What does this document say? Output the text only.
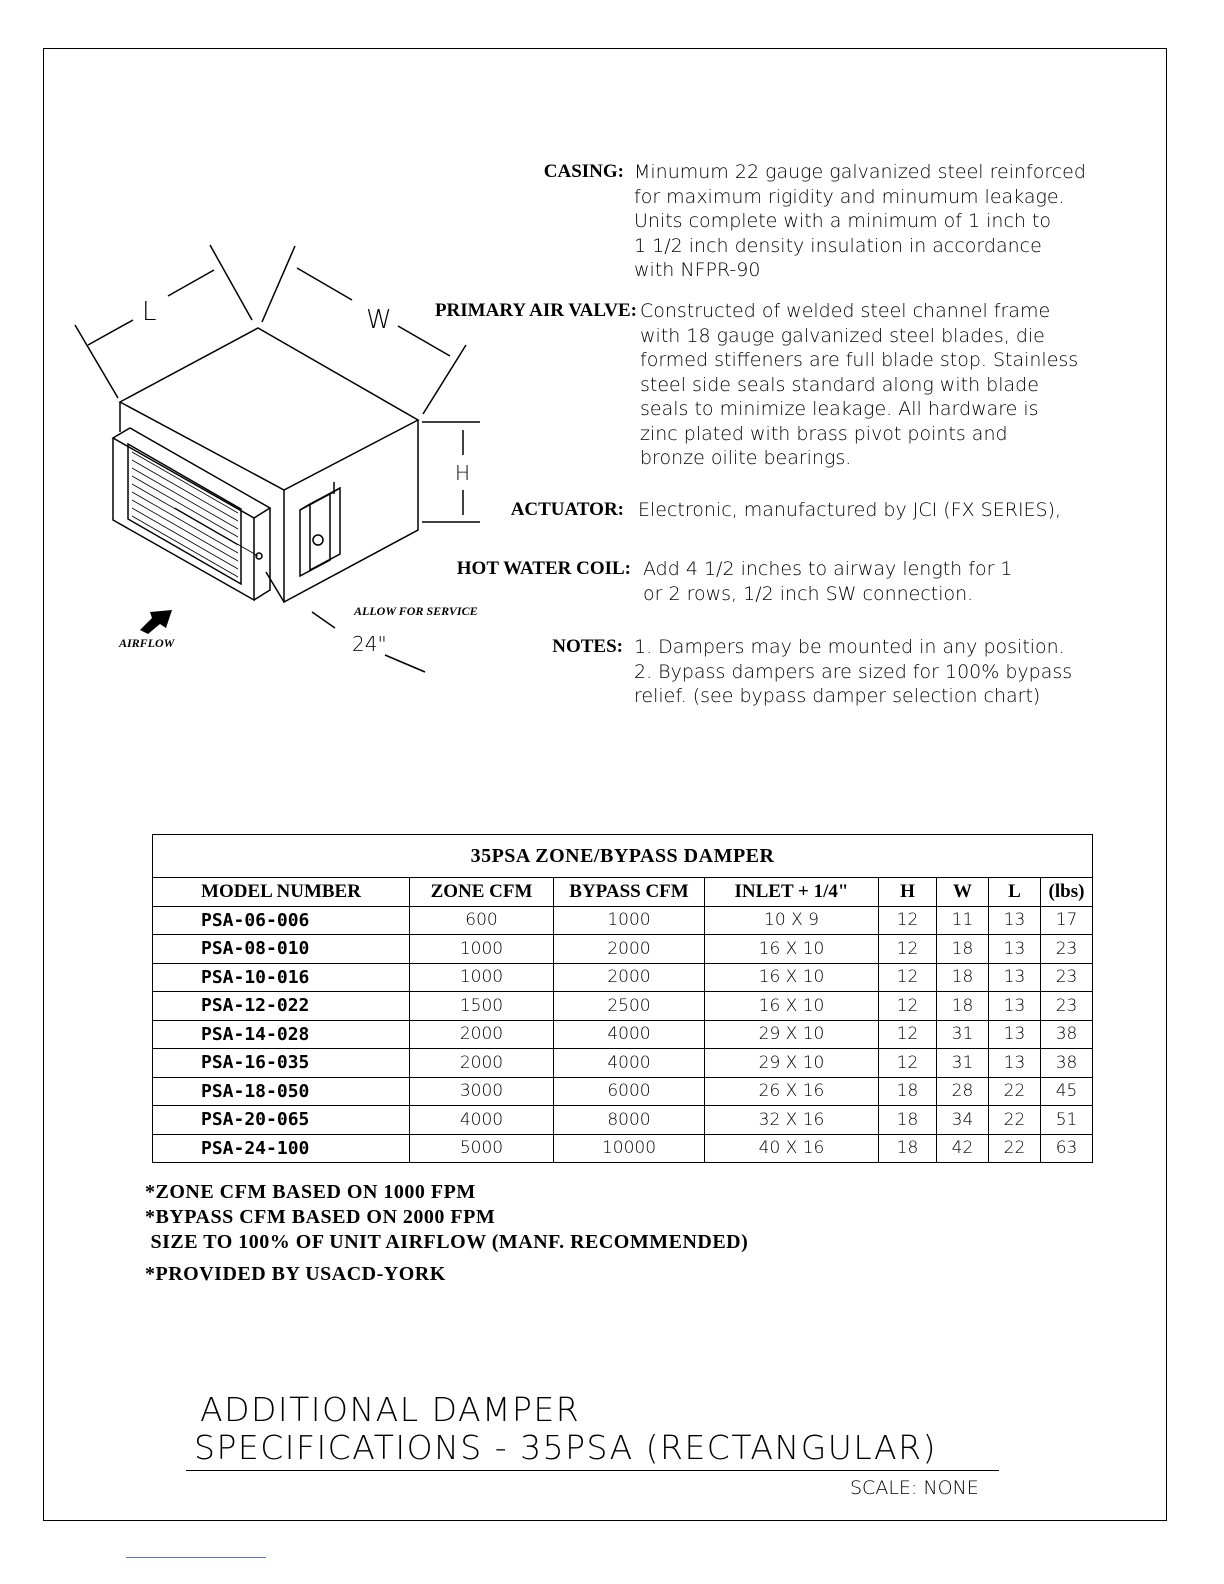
CASING: Minumum 22 gauge galvanized steel reinforced
for maximum rigidity and minumum leakage.
Units complete with a minimum of 1 inch to
1 1/2 inch density insulation in accordance
with NFPR-90
PRIMARY AIR VALVE: Constructed of welded steel channel frame
with 18 gauge galvanized steel blades, die
formed stiffeners are full blade stop. Stainless
steel side seals standard along with blade
seals to minimize leakage. All hardware is
zinc plated with brass pivot points and
bronze oilite bearings.
ACTUATOR: Electronic, manufactured by JCI (FX SERIES),
HOT WATER COIL: Add 4 1/2 inches to airway length for 1
or 2 rows, 1/2 inch SW connection.
NOTES: 1. Dampers may be mounted in any position.
2. Bypass dampers are sized for 100% bypass
relief. (see bypass damper selection chart)
L	W
H
ALLOW FOR SERVICE
24"
AIRFLOW
35PSA ZONE/BYPASS DAMPER							
MODEL NUMBER	ZONE CFM	BYPASS CFM	INLET + 1/4"	H	W	L	(lbs)
PSA-06-006	600	1000	10 X 9	12	11	13	17
PSA-08-010	1000	2000	16 X 10	12	18	13	23
PSA-10-016	1000	2000	16 X 10	12	18	13	23
PSA-12-022	1500	2500	16 X 10	12	18	13	23
PSA-14-028	2000	4000	29 X 10	12	31	13	38
PSA-16-035	2000	4000	29 X 10	12	31	13	38
PSA-18-050	3000	6000	26 X 16	18	28	22	45
PSA-20-065	4000	8000	32 X 16	18	34	22	51
PSA-24-100	5000	10000	40 X 16	18	42	22	63
*ZONE CFM BASED ON 1000 FPM
*BYPASS CFM BASED ON 2000 FPM
SIZE TO 100% OF UNIT AIRFLOW (MANF. RECOMMENDED)
*PROVIDED BY USACD-YORK
ADDITIONAL DAMPER
SPECIFICATIONS - 35PSA (RECTANGULAR)
SCALE: NONE
